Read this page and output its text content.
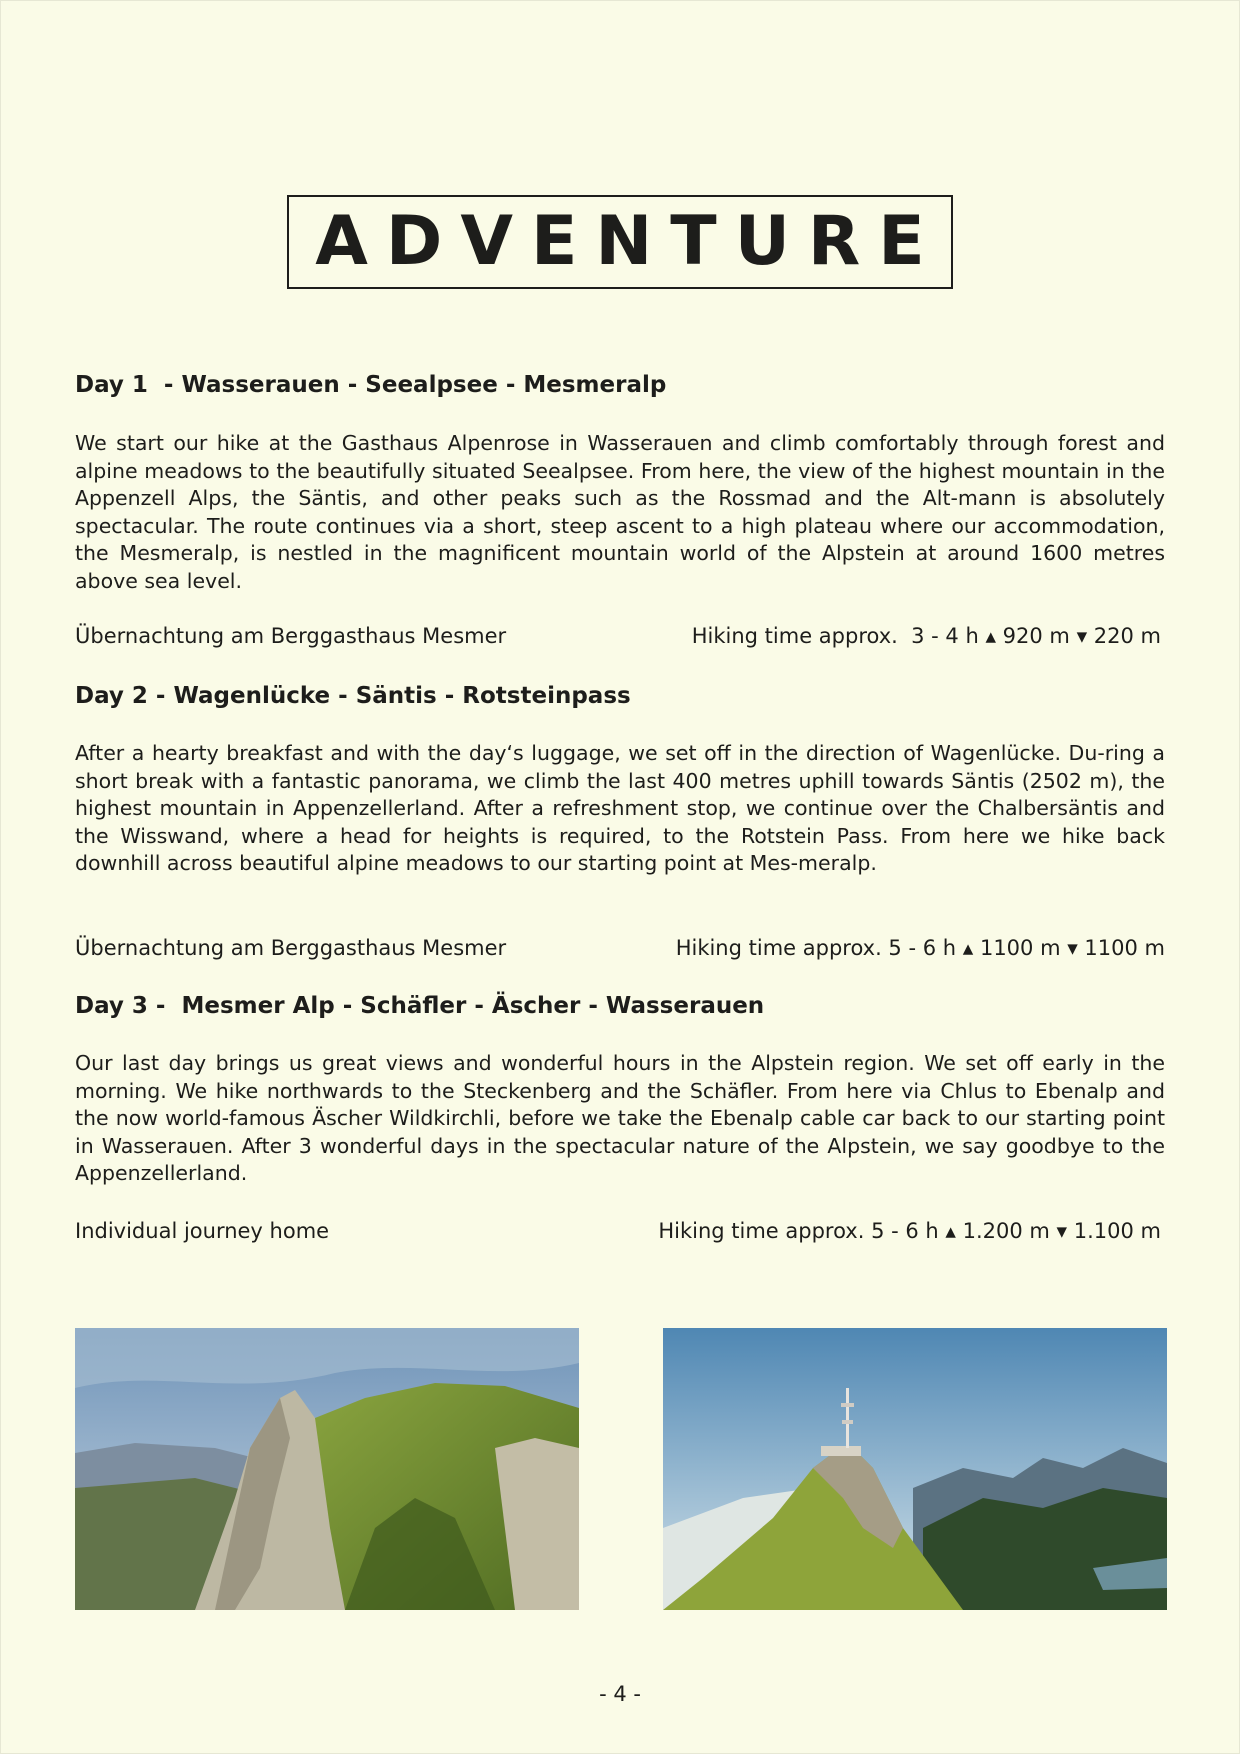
ADVENTURE
Day 1  - Wasserauen - Seealpsee - Mesmeralp
We start our hike at the Gasthaus Alpenrose in Wasserauen and climb comfortably through forest and alpine meadows to the beautifully situated Seealpsee. From here, the view of the highest mountain in the Appenzell Alps, the Säntis, and other peaks such as the Rossmad and the Alt-mann is absolutely spectacular. The route continues via a short, steep ascent to a high plateau where our accommodation, the Mesmeralp, is nestled in the magnificent mountain world of the Alpstein at around 1600 metres above sea level.
Übernachtung am Berggasthaus Mesmer	Hiking time approx.  3 - 4 h ▴ 920 m ▾ 220 m
Day 2 - Wagenlücke - Säntis - Rotsteinpass
After a hearty breakfast and with the day‘s luggage, we set off in the direction of Wagenlücke. Du-ring a short break with a fantastic panorama, we climb the last 400 metres uphill towards Säntis (2502 m), the highest mountain in Appenzellerland. After a refreshment stop, we continue over the Chalbersäntis and the Wisswand, where a head for heights is required, to the Rotstein Pass. From here we hike back downhill across beautiful alpine meadows to our starting point at Mes-meralp.
Übernachtung am Berggasthaus Mesmer	Hiking time approx. 5 - 6 h ▴ 1100 m ▾ 1100 m
Day 3 -  Mesmer Alp - Schäfler - Äscher - Wasserauen
Our last day brings us great views and wonderful hours in the Alpstein region. We set off early in the morning. We hike northwards to the Steckenberg and the Schäfler. From here via Chlus to Ebenalp and the now world-famous Äscher Wildkirchli, before we take the Ebenalp cable car back to our starting point in Wasserauen. After 3 wonderful days in the spectacular nature of the Alpstein, we say goodbye to the Appenzellerland.
Individual journey home	Hiking time approx. 5 - 6 h ▴ 1.200 m ▾ 1.100 m
- 4 -
